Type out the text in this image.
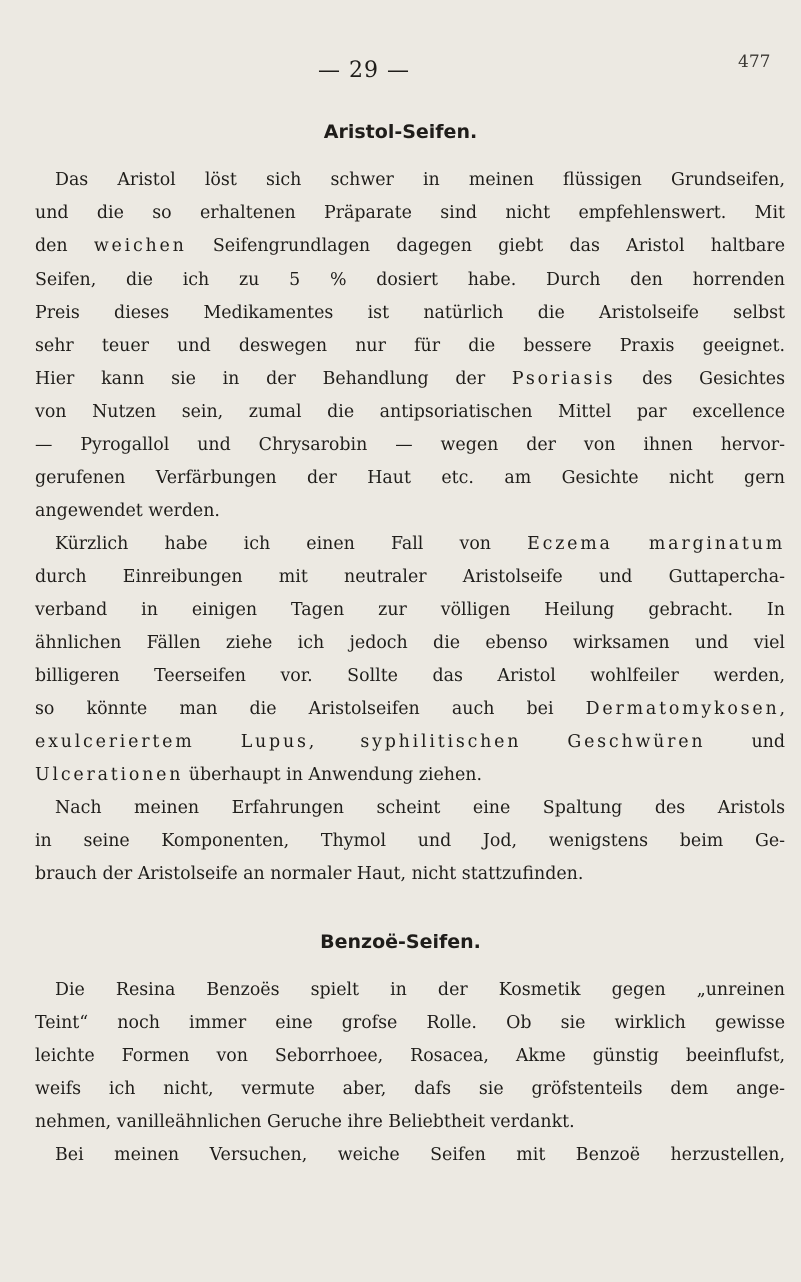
— 29 —	477
Aristol-Seifen.
Das Aristol löst sich schwer in meinen flüssigen Grundseifen,
und die so erhaltenen Präparate sind nicht empfehlenswert. Mit
den weichen Seifengrundlagen dagegen giebt das Aristol haltbare
Seifen, die ich zu 5 % dosiert habe. Durch den horrenden
Preis dieses Medikamentes ist natürlich die Aristolseife selbst
sehr teuer und deswegen nur für die bessere Praxis geeignet.
Hier kann sie in der Behandlung der Psoriasis des Gesichtes
von Nutzen sein, zumal die antipsoriatischen Mittel par excellence
— Pyrogallol und Chrysarobin — wegen der von ihnen hervor-
gerufenen Verfärbungen der Haut etc. am Gesichte nicht gern
angewendet werden.
Kürzlich habe ich einen Fall von Eczema marginatum
durch Einreibungen mit neutraler Aristolseife und Guttapercha-
verband in einigen Tagen zur völligen Heilung gebracht. In
ähnlichen Fällen ziehe ich jedoch die ebenso wirksamen und viel
billigeren Teerseifen vor. Sollte das Aristol wohlfeiler werden,
so könnte man die Aristolseifen auch bei Dermatomykosen,
exulceriertem	Lupus, syphilitischen	Geschwüren und
Ulcerationen überhaupt in Anwendung ziehen.
Nach meinen Erfahrungen scheint eine Spaltung des Aristols
in seine Komponenten, Thymol und Jod, wenigstens beim Ge-
brauch der Aristolseife an normaler Haut, nicht stattzufinden.
Benzoë-Seifen.
Die Resina Benzoës spielt in der Kosmetik gegen „unreinen
Teint“ noch immer eine grofse Rolle. Ob sie wirklich gewisse
leichte Formen von Seborrhoee, Rosacea, Akme günstig beeinflufst,
weifs ich nicht, vermute aber, dafs sie gröfstenteils dem ange-
nehmen, vanilleähnlichen Geruche ihre Beliebtheit verdankt.
Bei meinen Versuchen, weiche Seifen mit Benzoë herzustellen,
